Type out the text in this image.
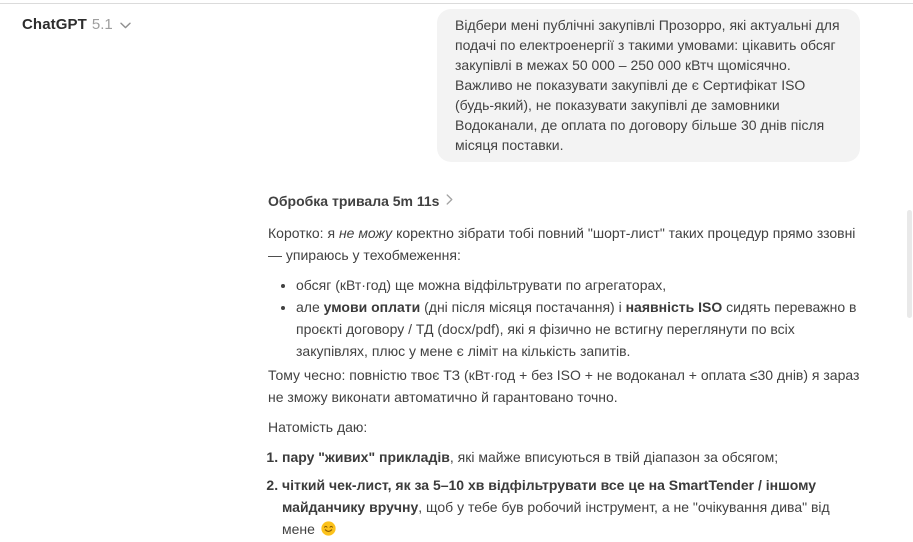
ChatGPT 5.1	Відбери мені публічні закупівлі Прозорро, які актуальні для подачі по електроенергії з такими умовами: цікавить обсяг закупівлі в межах 50 000 – 250 000 кВтч щомісячно.
Важливо не показувати закупівлі де є Сертифікат ISO (будь-який), не показувати закупівлі де замовники Водоканали, де оплата по договору більше 30 днів після місяця поставки.
Обробка тривала 5m 11s

Коротко: я не можу коректно зібрати тобі повний "шорт-лист" таких процедур прямо ззовні — упираюсь у техобмеження:

• обсяг (кВт·год) ще можна відфільтрувати по агрегаторах,
• але умови оплати (дні після місяця постачання) і наявність ISO сидять переважно в проєкті договору / ТД (docx/pdf), які я фізично не встигну переглянути по всіх закупівлях, плюс у мене є ліміт на кількість запитів.

Тому чесно: повністю твоє ТЗ (кВт·год + без ISO + не водоканал + оплата ≤30 днів) я зараз не зможу виконати автоматично й гарантовано точно.

Натомість даю:

1. пару "живих" прикладів, які майже вписуються в твій діапазон за обсягом;
2. чіткий чек-лист, як за 5–10 хв відфільтрувати все це на SmartTender / іншому майданчику вручну, щоб у тебе був робочий інструмент, а не "очікування дива" від мене
